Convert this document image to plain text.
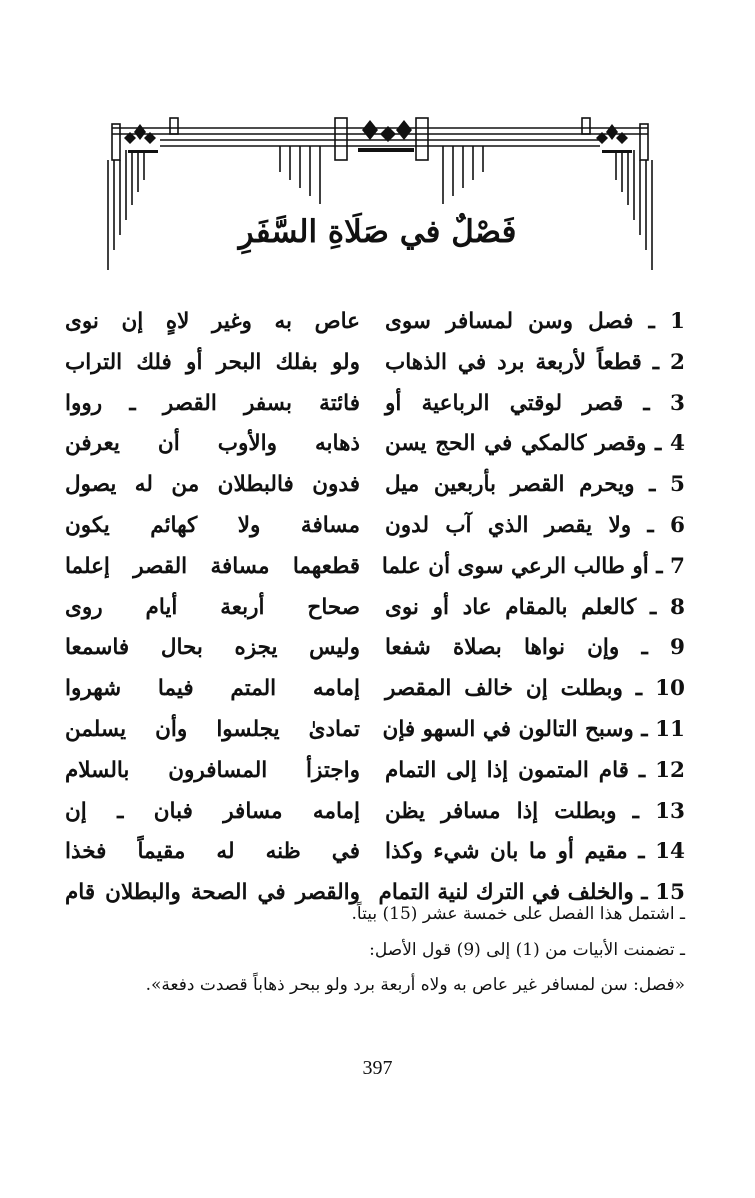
فَصْلٌ في صَلَاةِ السَّفَرِ
1 ـ فصل وسن لمسافر سوى
عاص به وغير لاهٍ إن نوى
2 ـ قطعاً لأربعة برد في الذهاب
ولو بفلك البحر أو فلك التراب
3 ـ قصر لوقتي الرباعية أو
فائتة بسفر القصر ـ رووا
4 ـ وقصر كالمكي في الحج يسن
ذهابه والأوب أن يعرفن
5 ـ ويحرم القصر بأربعين ميل
فدون فالبطلان من له يصول
6 ـ ولا يقصر الذي آب لدون
مسافة ولا كهائم يكون
7 ـ أو طالب الرعي سوى أن علما
قطعهما مسافة القصر إعلما
8 ـ كالعلم بالمقام عاد أو نوى
صحاح أربعة أيام روى
9 ـ وإن نواها بصلاة شفعا
وليس يجزه بحال فاسمعا
10 ـ وبطلت إن خالف المقصر
إمامه المتم فيما شهروا
11 ـ وسبح التالون في السهو فإن
تمادىٰ يجلسوا وأن يسلمن
12 ـ قام المتمون إذا إلى التمام
واجتزأ المسافرون بالسلام
13 ـ وبطلت إذا مسافر يظن
إمامه مسافر فبان ـ إن
14 ـ مقيم أو ما بان شيء وكذا
في ظنه له مقيماً فخذا
15 ـ والخلف في الترك لنية التمام
والقصر في الصحة والبطلان قام
ـ اشتمل هذا الفصل على خمسة عشر (15) بيتاً.
ـ تضمنت الأبيات من (1) إلى (9) قول الأصل:
«فصل: سن لمسافر غير عاص به ولاه أربعة برد ولو ببحر ذهاباً قصدت دفعة».
397
